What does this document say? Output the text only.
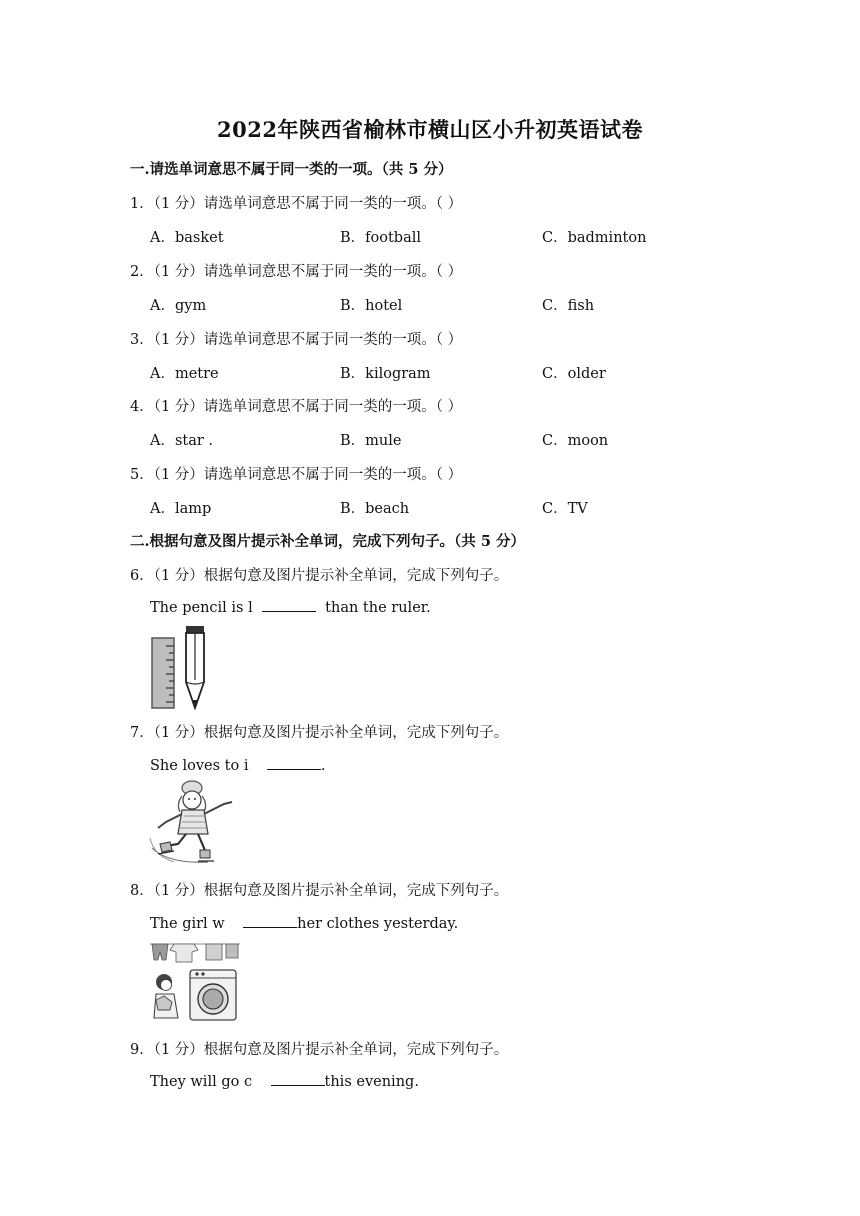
2022年陕西省榆林市横山区小升初英语试卷
一.请选单词意思不属于同一类的一项。（共 5 分）
1．（1 分）请选单词意思不属于同一类的一项。（ ）
A．basket	B．football	C．badminton
2．（1 分）请选单词意思不属于同一类的一项。（ ）
A．gym	B．hotel	C．fish
3．（1 分）请选单词意思不属于同一类的一项。（ ）
A．metre	B．kilogram	C．older
4．（1 分）请选单词意思不属于同一类的一项。（ ）
A．star .	B．mule	C．moon
5．（1 分）请选单词意思不属于同一类的一项。（ ）
A．lamp	B．beach	C．TV
二.根据句意及图片提示补全单词，完成下列句子。（共 5 分）
6．（1 分）根据句意及图片提示补全单词，完成下列句子。
The pencil is l	than the ruler.
7．（1 分）根据句意及图片提示补全单词，完成下列句子。
She loves to i	.
8．（1 分）根据句意及图片提示补全单词，完成下列句子。
The girl w	her clothes yesterday.
9．（1 分）根据句意及图片提示补全单词，完成下列句子。
They will go c	this evening.
